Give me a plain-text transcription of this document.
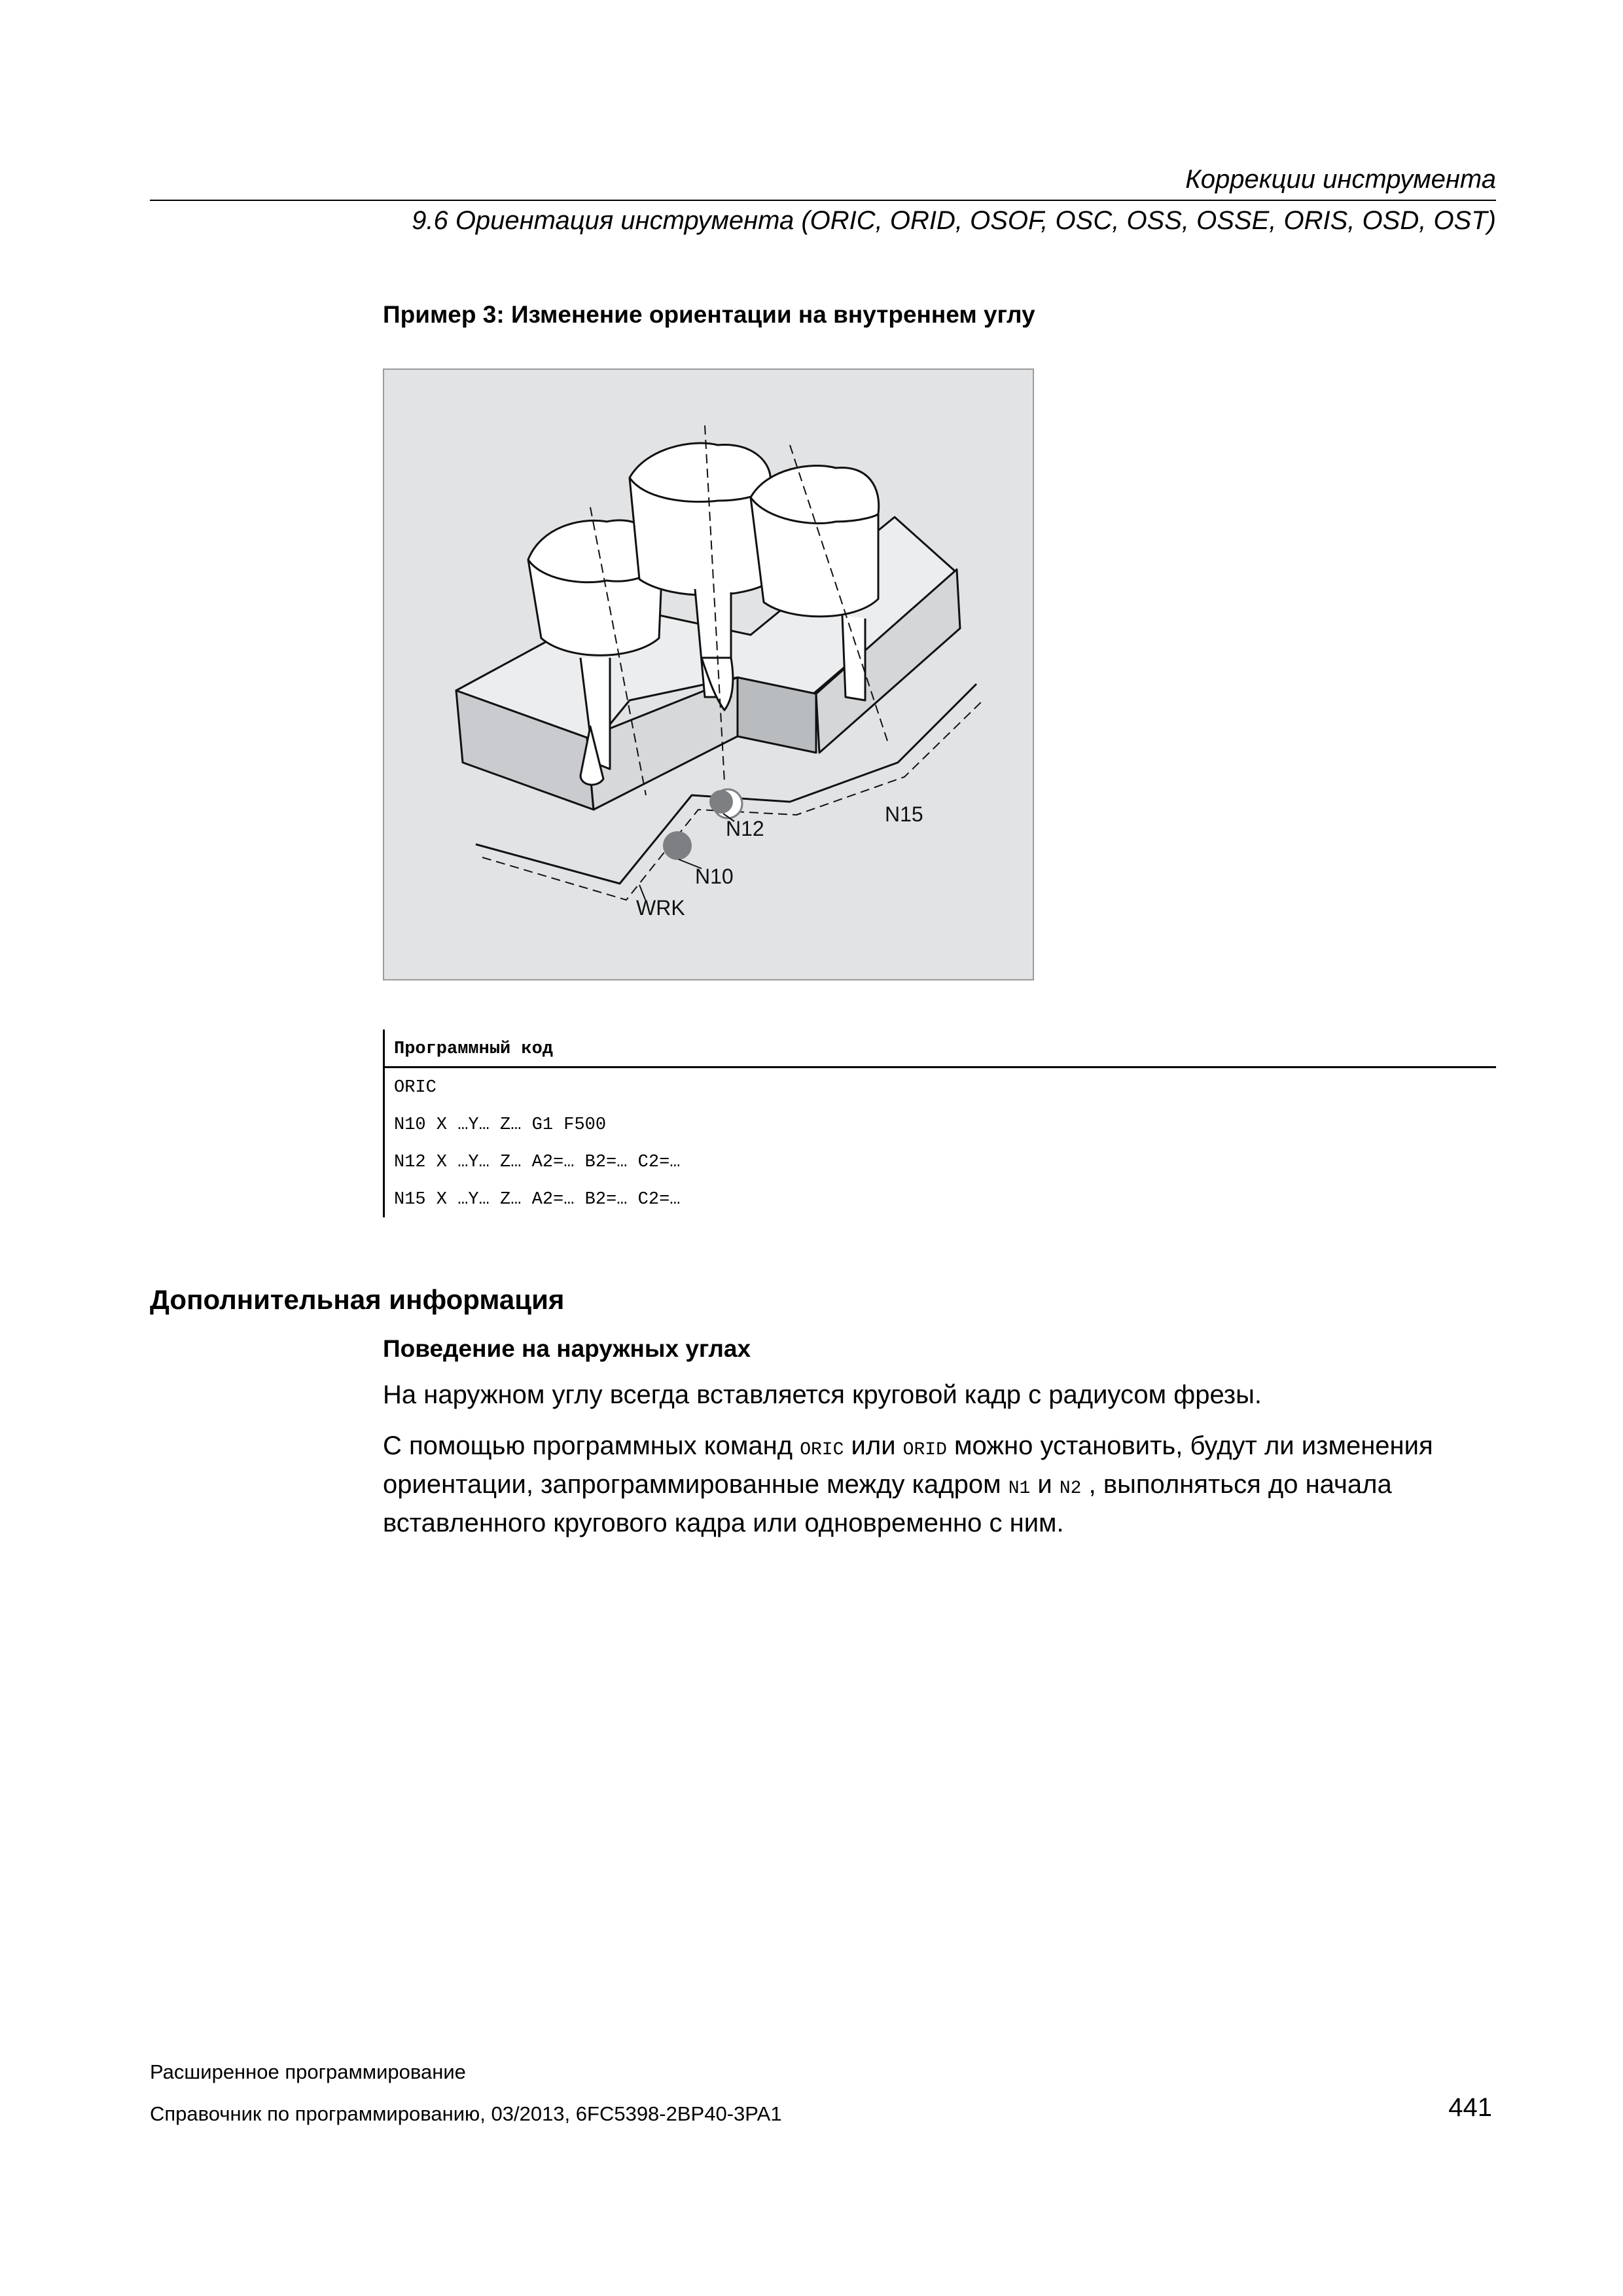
Коррекции инструмента
9.6 Ориентация инструмента (ORIC, ORID, OSOF, OSC, OSS, OSSE, ORIS, OSD, OST)
Пример 3: Изменение ориентации на внутреннем углу
N10
N12
N15
WRK
Программный код
ORIC
N10 X …Y… Z… G1 F500
N12 X …Y… Z… A2=… B2=… C2=…
N15 X …Y… Z… A2=… B2=… C2=…
Дополнительная информация
Поведение на наружных углах
На наружном углу всегда вставляется круговой кадр с радиусом фрезы.
С помощью программных команд ORIC или ORID можно установить, будут ли изменения ориентации, запрограммированные между кадром N1 и N2 , выполняться до начала вставленного кругового кадра или одновременно с ним.
Расширенное программирование
Справочник по программированию, 03/2013, 6FC5398-2BP40-3PA1	441
